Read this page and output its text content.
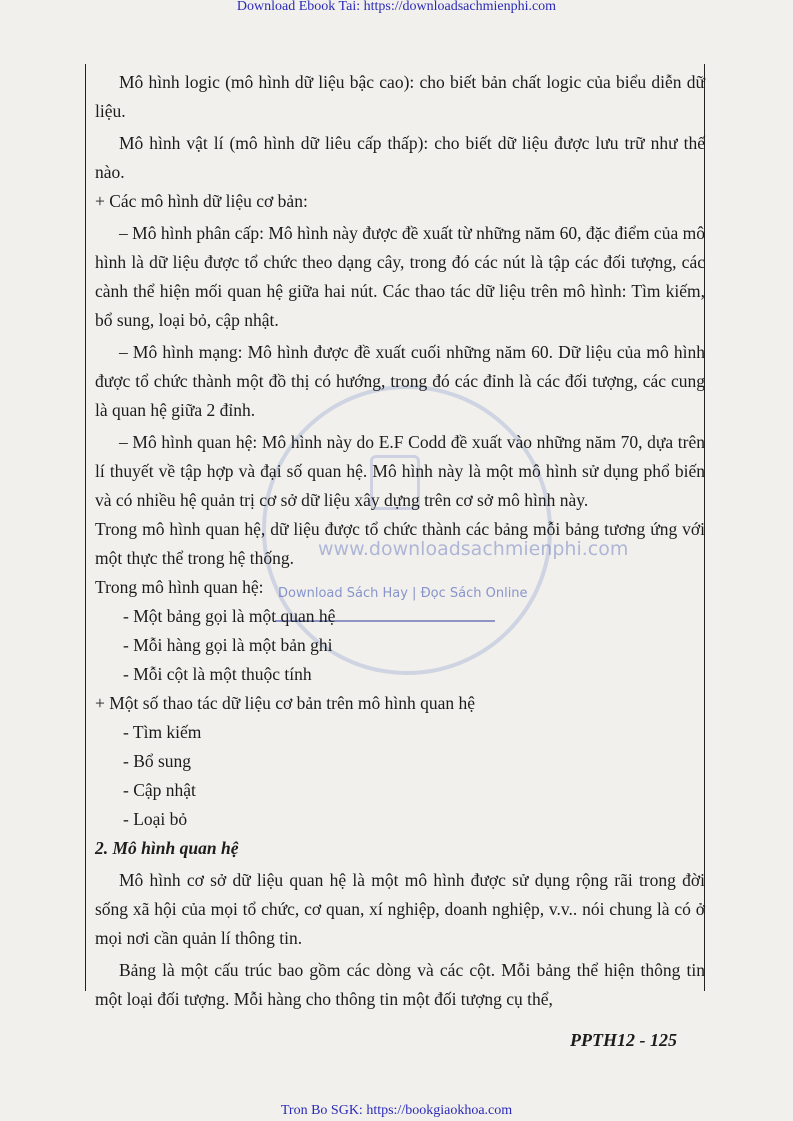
Download Ebook Tai: https://downloadsachmienphi.com
www.downloadsachmienphi.com
Download Sách Hay | Đọc Sách Online

Mô hình logic (mô hình dữ liệu bậc cao): cho biết bản chất logic của biểu diễn dữ liệu.

Mô hình vật lí (mô hình dữ liêu cấp thấp): cho biết dữ liệu được lưu trữ như thế nào.

+ Các mô hình dữ liệu cơ bản:

– Mô hình phân cấp: Mô hình này được đề xuất từ những năm 60, đặc điểm của mô hình là dữ liệu được tổ chức theo dạng cây, trong đó các nút là tập các đối tượng, các cành thể hiện mối quan hệ giữa hai nút. Các thao tác dữ liệu trên mô hình: Tìm kiếm, bổ sung, loại bỏ, cập nhật.

– Mô hình mạng: Mô hình được đề xuất cuối những năm 60. Dữ liệu của mô hình được tổ chức thành một đồ thị có hướng, trong đó các đỉnh là các đối tượng, các cung là quan hệ giữa 2 đỉnh.

– Mô hình quan hệ: Mô hình này do E.F Codd đề xuất vào những năm 70, dựa trên lí thuyết về tập hợp và đại số quan hệ. Mô hình này là một mô hình sử dụng phổ biến và có nhiều hệ quản trị cơ sở dữ liệu xây dựng trên cơ sở mô hình này.

Trong mô hình quan hệ, dữ liệu được tổ chức thành các bảng mỗi bảng tương ứng với một thực thể trong hệ thống.

Trong mô hình quan hệ:

- Một bảng gọi là một quan hệ

- Mỗi hàng gọi là một bản ghi

- Mỗi cột là một thuộc tính

+ Một số thao tác dữ liệu cơ bản trên mô hình quan hệ

- Tìm kiếm

- Bổ sung

- Cập nhật

- Loại bỏ

2. Mô hình quan hệ

Mô hình cơ sở dữ liệu quan hệ là một mô hình được sử dụng rộng rãi trong đời sống xã hội của mọi tổ chức, cơ quan, xí nghiệp, doanh nghiệp, v.v.. nói chung là có ở mọi nơi cần quản lí thông tin.

Bảng là một cấu trúc bao gồm các dòng và các cột. Mỗi bảng thể hiện thông tin một loại đối tượng. Mỗi hàng cho thông tin một đối tượng cụ thể,

PPTH12 - 125
Tron Bo SGK: https://bookgiaokhoa.com
